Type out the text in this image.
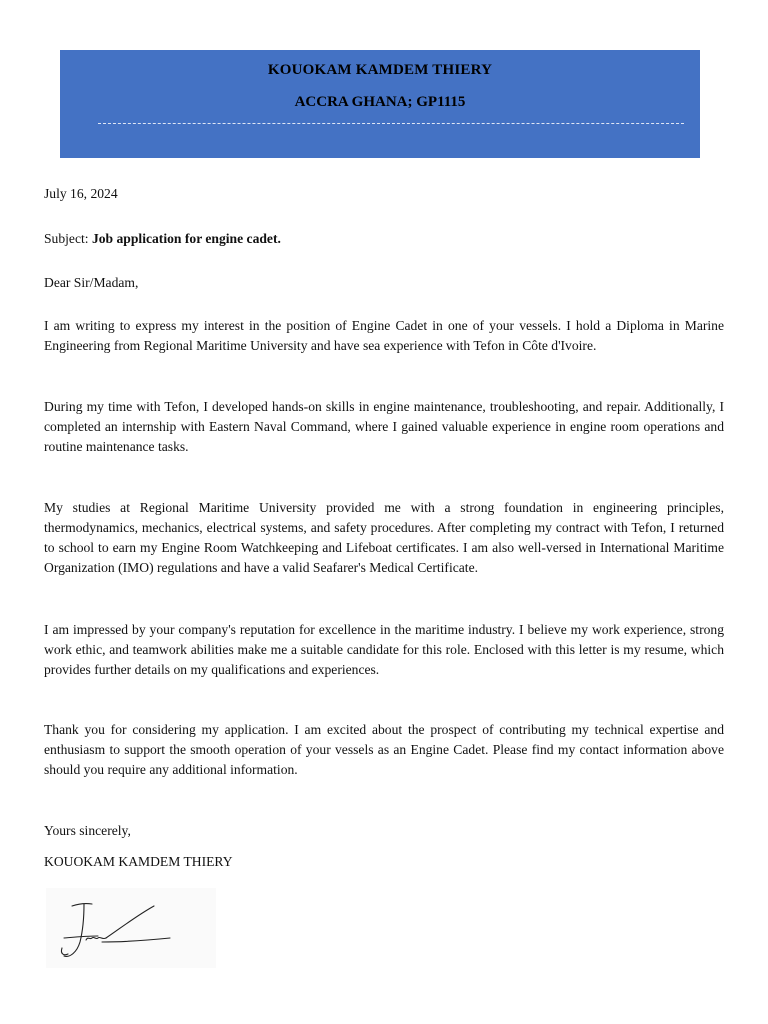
KOUOKAM KAMDEM THIERY
ACCRA GHANA; GP1115

July 16, 2024

Subject: Job application for engine cadet.

Dear Sir/Madam,

I am writing to express my interest in the position of Engine Cadet in one of your vessels. I hold a Diploma in Marine Engineering from Regional Maritime University and have sea experience with Tefon in Côte d'Ivoire.

During my time with Tefon, I developed hands-on skills in engine maintenance, troubleshooting, and repair. Additionally, I completed an internship with Eastern Naval Command, where I gained valuable experience in engine room operations and routine maintenance tasks.

My studies at Regional Maritime University provided me with a strong foundation in engineering principles, thermodynamics, mechanics, electrical systems, and safety procedures. After completing my contract with Tefon, I returned to school to earn my Engine Room Watchkeeping and Lifeboat certificates. I am also well-versed in International Maritime Organization (IMO) regulations and have a valid Seafarer's Medical Certificate.

I am impressed by your company's reputation for excellence in the maritime industry. I believe my work experience, strong work ethic, and teamwork abilities make me a suitable candidate for this role. Enclosed with this letter is my resume, which provides further details on my qualifications and experiences.

Thank you for considering my application. I am excited about the prospect of contributing my technical expertise and enthusiasm to support the smooth operation of your vessels as an Engine Cadet. Please find my contact information above should you require any additional information.

Yours sincerely,

KOUOKAM KAMDEM THIERY
